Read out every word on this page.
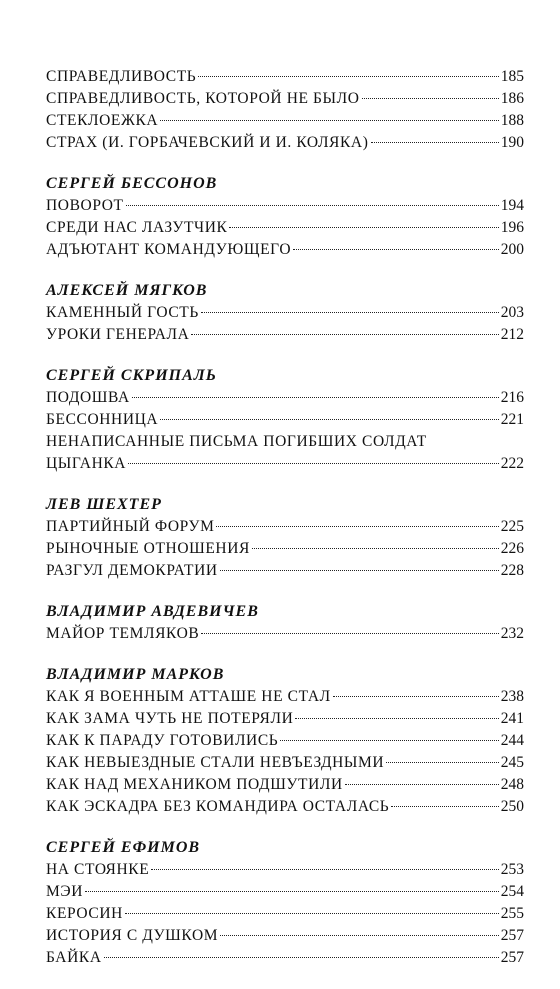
СПРАВЕДЛИВОСТЬ	185
СПРАВЕДЛИВОСТЬ, КОТОРОЙ НЕ БЫЛО	186
СТЕКЛОЕЖКА	188
СТРАХ (И. ГОРБАЧЕВСКИЙ И И. КОЛЯКА)	190
СЕРГЕЙ БЕССОНОВ
ПОВОРОТ	194
СРЕДИ НАС ЛАЗУТЧИК	196
АДЪЮТАНТ КОМАНДУЮЩЕГО	200
АЛЕКСЕЙ МЯГКОВ
КАМЕННЫЙ ГОСТЬ	203
УРОКИ ГЕНЕРАЛА	212
СЕРГЕЙ СКРИПАЛЬ
ПОДОШВА	216
БЕССОННИЦА	221
НЕНАПИСАННЫЕ ПИСЬМА ПОГИБШИХ СОЛДАТ
ЦЫГАНКА	222
ЛЕВ ШЕХТЕР
ПАРТИЙНЫЙ ФОРУМ	225
РЫНОЧНЫЕ ОТНОШЕНИЯ	226
РАЗГУЛ ДЕМОКРАТИИ	228
ВЛАДИМИР АВДЕВИЧЕВ
МАЙОР ТЕМЛЯКОВ	232
ВЛАДИМИР МАРКОВ
КАК Я ВОЕННЫМ АТТАШЕ НЕ СТАЛ	238
КАК ЗАМА ЧУТЬ НЕ ПОТЕРЯЛИ	241
КАК К ПАРАДУ ГОТОВИЛИСЬ	244
КАК НЕВЫЕЗДНЫЕ СТАЛИ НЕВЪЕЗДНЫМИ	245
КАК НАД МЕХАНИКОМ ПОДШУТИЛИ	248
КАК ЭСКАДРА БЕЗ КОМАНДИРА ОСТАЛАСЬ	250
СЕРГЕЙ ЕФИМОВ
НА СТОЯНКЕ	253
МЭИ	254
КЕРОСИН	255
ИСТОРИЯ С ДУШКОМ	257
БАЙКА	257
